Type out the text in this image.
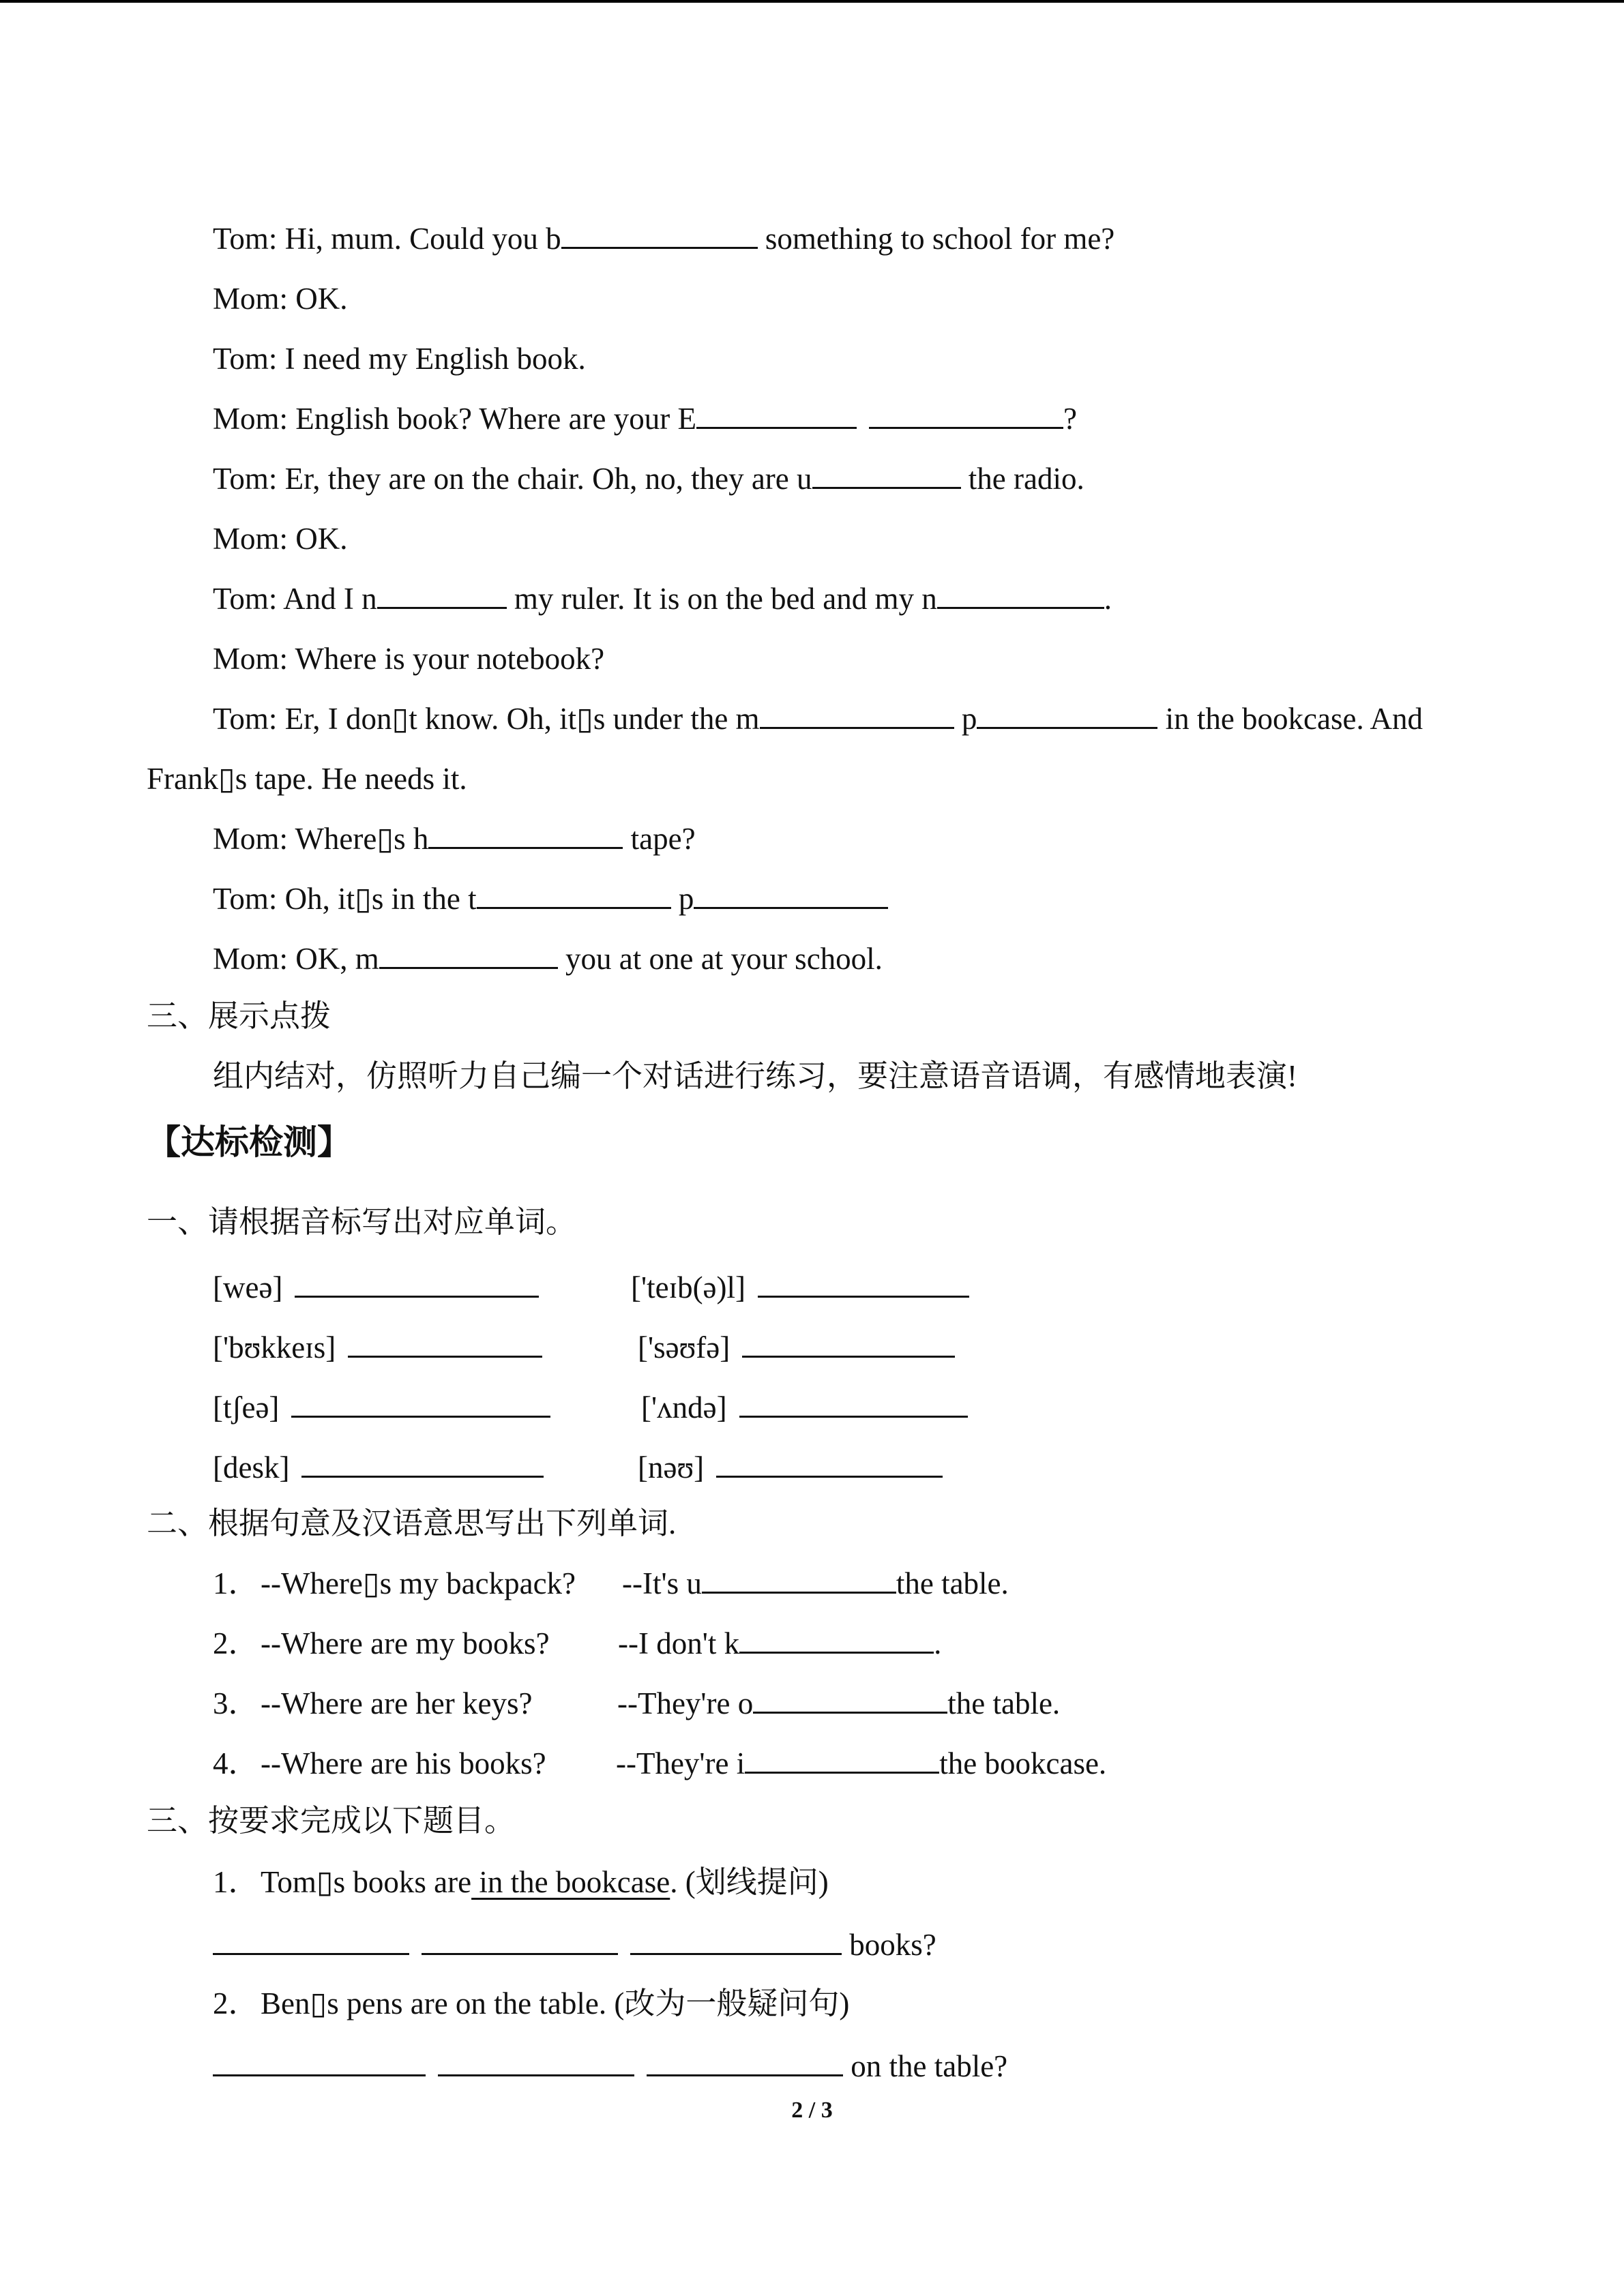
Tom: Hi, mum. Could you b	something to school for me?
Mom: OK.
Tom: I need my English book.
Mom: English book? Where are your E	?
Tom: Er, they are on the chair. Oh, no, they are u	the radio.
Mom: OK.
Tom: And I n	my ruler. It is on the bed and my n	.
Mom: Where is your notebook?
Tom: Er, I don▯t know. Oh, it▯s under the m	p	in the bookcase. And
Frank▯s tape. He needs it.
Mom: Where▯s h	tape?
Tom: Oh, it▯s in the t	p
Mom: OK, m	you at one at your school.
三、展示点拨
组内结对，仿照听力自己编一个对话进行练习，要注意语音语调，有感情地表演!
【达标检测】
一、请根据音标写出对应单词。
[weə]	['teɪb(ə)l]
['bʊkkeɪs]	['səʊfə]
[tʃeə]	['ʌndə]
[desk]	[nəʊ]
二、根据句意及汉语意思写出下列单词.
1． --Where▯s my backpack? --It's u	the table.
2． --Where are my books? --I don't k	.
3． --Where are her keys?	--They're o	the table.
4． --Where are his books? --They're i	the bookcase.
三、按要求完成以下题目。
1． Tom▯s books are in the bookcase. (划线提问)
books?
2． Ben▯s pens are on the table. (改为一般疑问句)
on the table?
2 / 3
